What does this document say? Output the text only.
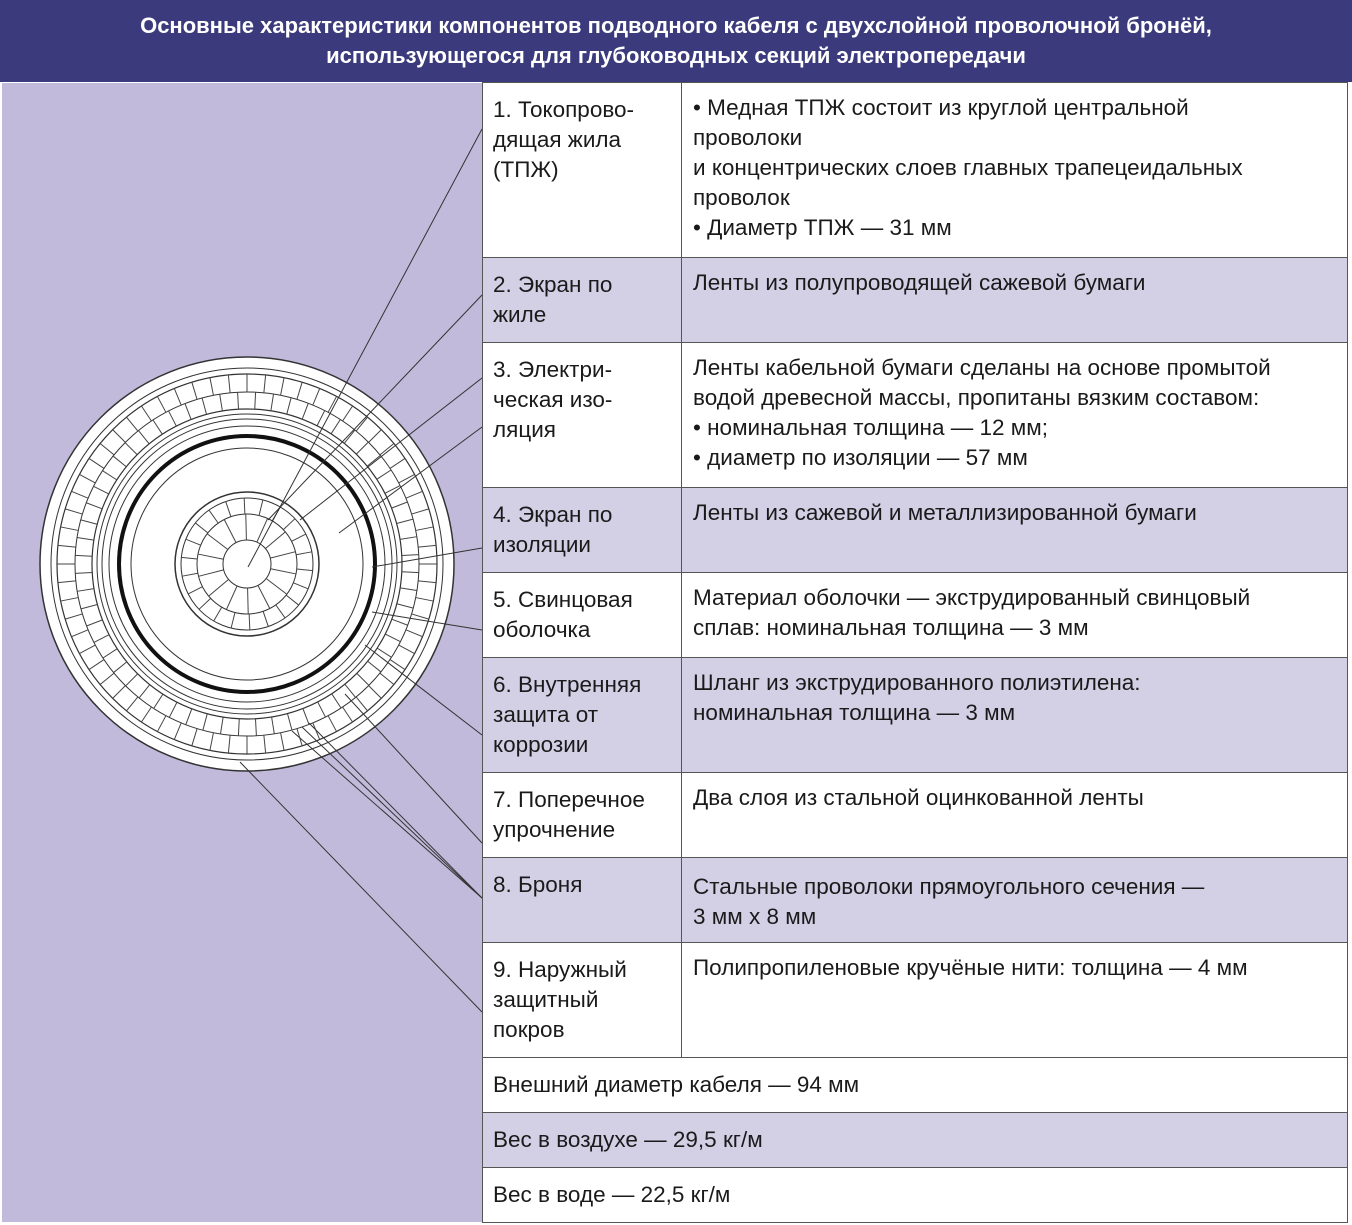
Основные характеристики компонентов подводного кабеля с двухслойной проволочной бронёй,
использующегося для глубоководных секций электропередачи
1. Токопрово-
дящая жила
(ТПЖ)
• Медная ТПЖ состоит из круглой центральной
проволоки
и концентрических слоев главных трапецеидальных
проволок
• Диаметр ТПЖ — 31 мм
2. Экран по
жиле
Ленты из полупроводящей сажевой бумаги
3. Электри-
ческая изо-
ляция
Ленты кабельной бумаги сделаны на основе промытой
водой древесной массы, пропитаны вязким составом:
• номинальная толщина — 12 мм;
• диаметр по изоляции — 57 мм
4. Экран по
изоляции
Ленты из сажевой и металлизированной бумаги
5. Свинцовая
оболочка
Материал оболочки — экструдированный свинцовый
сплав: номинальная толщина — 3 мм
6. Внутренняя
защита от
коррозии
Шланг из экструдированного полиэтилена:
номинальная толщина — 3 мм
7. Поперечное
упрочнение
Два слоя из стальной оцинкованной ленты
8. Броня	Стальные проволоки прямоугольного сечения —
3 мм х 8 мм
9. Наружный
защитный
покров
Полипропиленовые кручёные нити: толщина — 4 мм
Внешний диаметр кабеля — 94 мм
Вес в воздухе — 29,5 кг/м
Вес в воде — 22,5 кг/м
